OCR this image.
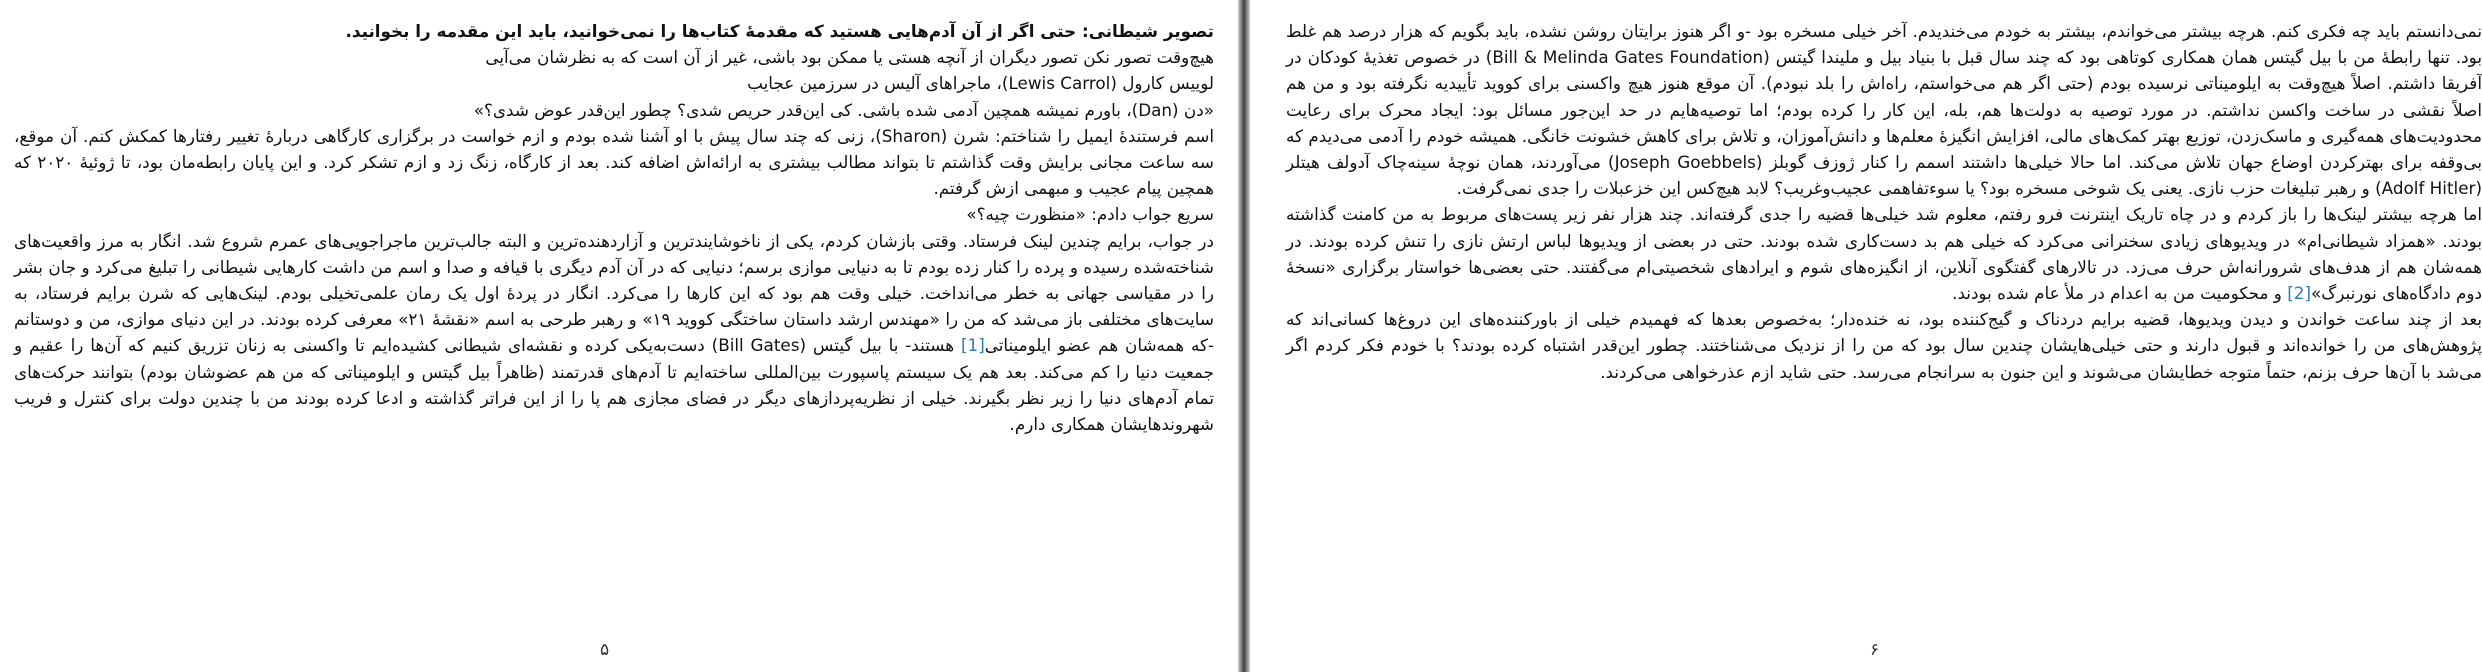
تصویر شیطانی: حتی اگر از آن آدم‌هایی هستید که مقدمهٔ کتاب‌ها را نمی‌خوانید، باید این مقدمه را بخوانید.

هیچ‌وقت تصور نکن تصور دیگران از آنچه هستی یا ممکن بود باشی، غیر از آن است که به نظرشان می‌آیی

لوییس کارول (Lewis Carrol)، ماجراهای آلیس در سرزمین عجایب

«دن (Dan)، باورم نمیشه همچین آدمی شده باشی. کی این‌قدر حریص شدی؟ چطور این‌قدر عوض شدی؟»

اسم فرستندهٔ ایمیل را شناختم: شرن (Sharon)، زنی که چند سال پیش با او آشنا شده بودم و ازم خواست در برگزاری کارگاهی دربارهٔ تغییر رفتارها کمکش کنم. آن موقع، سه ساعت مجانی برایش وقت گذاشتم تا بتواند مطالب بیشتری به ارائه‌اش اضافه کند. بعد از کارگاه، زنگ زد و ازم تشکر کرد. و این پایان رابطه‌مان بود، تا ژوئیهٔ ۲۰۲۰ که همچین پیام عجیب و مبهمی ازش گرفتم.

سریع جواب دادم: «منظورت چیه؟»

در جواب، برایم چندین لینک فرستاد. وقتی بازشان کردم، یکی از ناخوشایندترین و آزاردهنده‌ترین و البته جالب‌ترین ماجراجویی‌های عمرم شروع شد. انگار به مرز واقعیت‌های شناخته‌شده رسیده و پرده را کنار زده بودم تا به دنیایی موازی برسم؛ دنیایی که در آن آدم دیگری با قیافه و صدا و اسم من داشت کارهایی شیطانی را تبلیغ می‌کرد و جان بشر را در مقیاسی جهانی به خطر می‌انداخت. خیلی وقت هم بود که این کارها را می‌کرد. انگار در پردهٔ اول یک رمان علمی‌تخیلی بودم. لینک‌هایی که شرن برایم فرستاد، به سایت‌های مختلفی باز می‌شد که من را «مهندس ارشد داستان ساختگی کووید ۱۹» و رهبر طرحی به اسم «نقشهٔ ۲۱» معرفی کرده بودند. در این دنیای موازی، من و دوستانم -که همه‌شان هم عضو ایلومیناتی[1] هستند- با بیل گیتس (Bill Gates) دست‌به‌یکی کرده و نقشه‌ای شیطانی کشیده‌ایم تا واکسنی به زنان تزریق کنیم که آن‌ها را عقیم و جمعیت دنیا را کم می‌کند. بعد هم یک سیستم پاسپورت بین‌المللی ساخته‌ایم تا آدم‌های قدرتمند (ظاهراً بیل گیتس و ایلومیناتی که من هم عضوشان بودم) بتوانند حرکت‌های تمام آدم‌های دنیا را زیر نظر بگیرند. خیلی از نظریه‌پردازهای دیگر در فضای مجازی هم پا را از این فراتر گذاشته و ادعا کرده بودند من با چندین دولت برای کنترل و فریب شهروندهایشان همکاری دارم.

۵

نمی‌دانستم باید چه فکری کنم. هرچه بیشتر می‌خواندم، بیشتر به خودم می‌خندیدم. آخر خیلی مسخره بود -و اگر هنوز برایتان روشن نشده، باید بگویم که هزار درصد هم غلط بود. تنها رابطهٔ من با بیل گیتس همان همکاری کوتاهی بود که چند سال قبل با بنیاد بیل و ملیندا گیتس (Bill & Melinda Gates Foundation) در خصوص تغذیهٔ کودکان در آفریقا داشتم. اصلاً هیچ‌وقت به ایلومیناتی نرسیده بودم (حتی اگر هم می‌خواستم، راه‌اش را بلد نبودم). آن موقع هنوز هیچ واکسنی برای کووید تأییدیه نگرفته بود و من هم اصلاً نقشی در ساخت واکسن نداشتم. در مورد توصیه به دولت‌ها هم، بله، این کار را کرده بودم؛ اما توصیه‌هایم در حد این‌جور مسائل بود: ایجاد محرک برای رعایت محدودیت‌های همه‌گیری و ماسک‌زدن، توزیع بهتر کمک‌های مالی، افزایش انگیزهٔ معلم‌ها و دانش‌آموزان، و تلاش برای کاهش خشونت خانگی. همیشه خودم را آدمی می‌دیدم که بی‌وقفه برای بهترکردن اوضاع جهان تلاش می‌کند. اما حالا خیلی‌ها داشتند اسمم را کنار ژوزف گوبلز (Joseph Goebbels) می‌آوردند، همان نوچهٔ سینه‌چاک آدولف هیتلر (Adolf Hitler) و رهبر تبلیغات حزب نازی. یعنی یک شوخی مسخره بود؟ یا سوءتفاهمی عجیب‌وغریب؟ لابد هیچ‌کس این خزعبلات را جدی نمی‌گرفت.

اما هرچه بیشتر لینک‌ها را باز کردم و در چاه تاریک اینترنت فرو رفتم، معلوم شد خیلی‌ها قضیه را جدی گرفته‌اند. چند هزار نفر زیر پست‌های مربوط به من کامنت گذاشته بودند. «همزاد شیطانی‌ام» در ویدیوهای زیادی سخنرانی می‌کرد که خیلی هم بد دست‌کاری شده بودند. حتی در بعضی از ویدیوها لباس ارتش نازی را تنش کرده بودند. در همه‌شان هم از هدف‌های شرورانه‌اش حرف می‌زد. در تالارهای گفتگوی آنلاین، از انگیزه‌های شوم و ایرادهای شخصیتی‌ام می‌گفتند. حتی بعضی‌ها خواستار برگزاری «نسخهٔ دوم دادگاه‌های نورنبرگ»[2] و محکومیت من به اعدام در ملأ عام شده بودند.

بعد از چند ساعت خواندن و دیدن ویدیوها، قضیه برایم دردناک و گیج‌کننده بود، نه خنده‌دار؛ به‌خصوص بعدها که فهمیدم خیلی از باورکننده‌های این دروغ‌ها کسانی‌اند که پژوهش‌های من را خوانده‌اند و قبول دارند و حتی خیلی‌هایشان چندین سال بود که من را از نزدیک می‌شناختند. چطور این‌قدر اشتباه کرده بودند؟ با خودم فکر کردم اگر می‌شد با آن‌ها حرف بزنم، حتماً متوجه خطایشان می‌شوند و این جنون به سرانجام می‌رسد. حتی شاید ازم عذرخواهی می‌کردند.

۶
